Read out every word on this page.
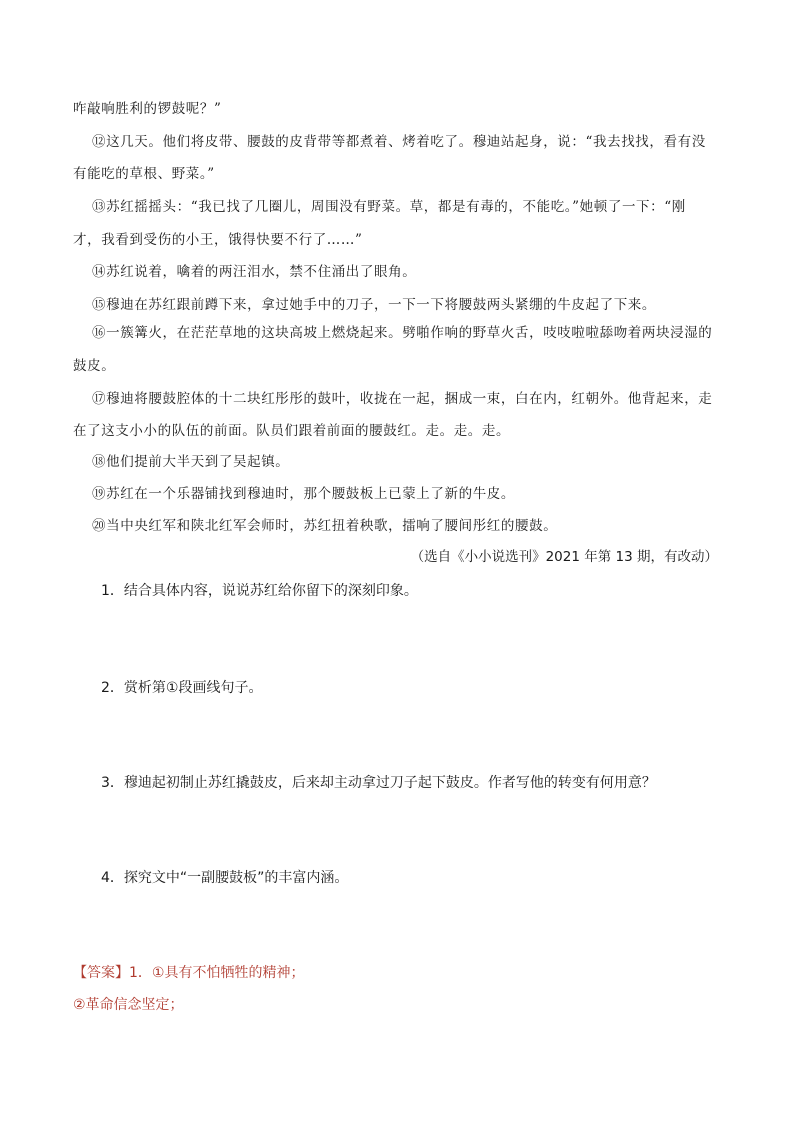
咋敲响胜利的锣鼓呢？”
⑫这几天。他们将皮带、腰鼓的皮背带等都煮着、烤着吃了。穆迪站起身，说：“我去找找，看有没
有能吃的草根、野菜。”
⑬苏红摇摇头：“我已找了几圈儿，周围没有野菜。草，都是有毒的，不能吃。”她顿了一下：“刚
才，我看到受伤的小王，饿得快要不行了……”
⑭苏红说着，噙着的两汪泪水，禁不住涌出了眼角。
⑮穆迪在苏红跟前蹲下来，拿过她手中的刀子，一下一下将腰鼓两头紧绷的牛皮起了下来。
⑯一簇篝火，在茫茫草地的这块高坡上燃烧起来。劈啪作响的野草火舌，吱吱啦啦舔吻着两块浸湿的
鼓皮。
⑰穆迪将腰鼓腔体的十二块红彤彤的鼓叶，收拢在一起，捆成一束，白在内，红朝外。他背起来，走
在了这支小小的队伍的前面。队员们跟着前面的腰鼓红。走。走。走。
⑱他们提前大半天到了吴起镇。
⑲苏红在一个乐器铺找到穆迪时，那个腰鼓板上已蒙上了新的牛皮。
⑳当中央红军和陕北红军会师时，苏红扭着秧歌，擂响了腰间彤红的腰鼓。
（选自《小小说选刊》2021 年第 13 期，有改动）
1．结合具体内容，说说苏红给你留下的深刻印象。
2．赏析第①段画线句子。
3．穆迪起初制止苏红撬鼓皮，后来却主动拿过刀子起下鼓皮。作者写他的转变有何用意？
4．探究文中“一副腰鼓板”的丰富内涵。
【答案】1．①具有不怕牺牲的精神；
②革命信念坚定；
